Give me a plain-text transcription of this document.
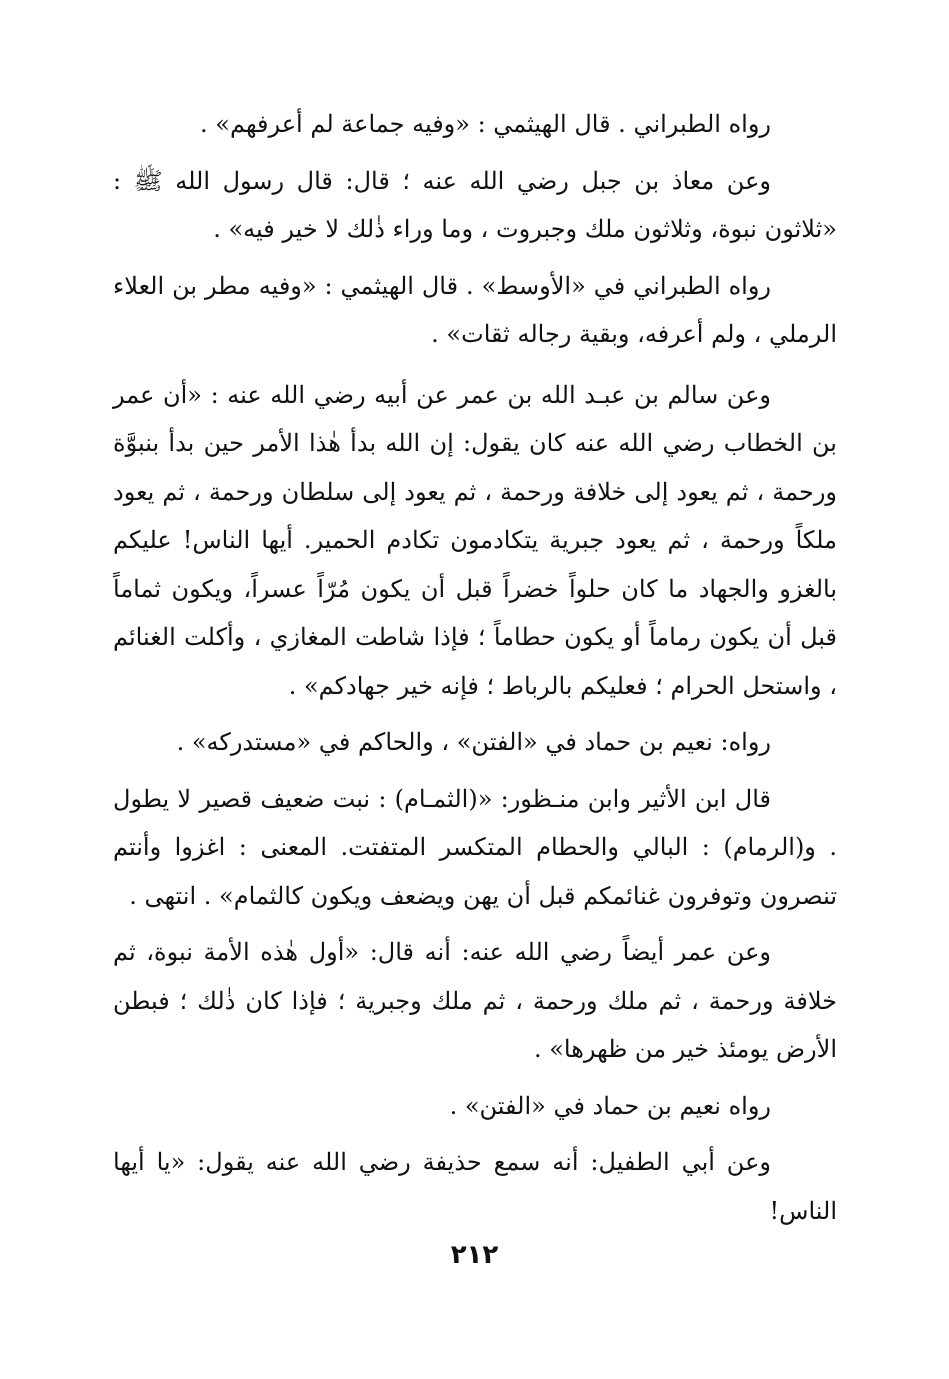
رواه الطبراني . قال الهيثمي : «وفيه جماعة لم أعرفهم» .

وعن معاذ بن جبل رضي الله عنه ؛ قال: قال رسول الله ﷺ : «ثلاثون نبوة، وثلاثون ملك وجبروت ، وما وراء ذٰلك لا خير فيه» .

رواه الطبراني في «الأوسط» . قال الهيثمي : «وفيه مطر بن العلاء الرملي ، ولم أعرفه، وبقية رجاله ثقات» .

وعن سالم بن عبـد الله بن عمر عن أبيه رضي الله عنه : «أن عمر بن الخطاب رضي الله عنه كان يقول: إن الله بدأ هٰذا الأمر حين بدأ بنبوَّة ورحمة ، ثم يعود إلى خلافة ورحمة ، ثم يعود إلى سلطان ورحمة ، ثم يعود ملكاً ورحمة ، ثم يعود جبرية يتكادمون تكادم الحمير. أيها الناس! عليكم بالغزو والجهاد ما كان حلواً خضراً قبل أن يكون مُرّاً عسراً، ويكون ثماماً قبل أن يكون رماماً أو يكون حطاماً ؛ فإذا شاطت المغازي ، وأكلت الغنائم ، واستحل الحرام ؛ فعليكم بالرباط ؛ فإنه خير جهادكم» .

رواه: نعيم بن حماد في «الفتن» ، والحاكم في «مستدركه» .

قال ابن الأثير وابن منـظور: «(الثمـام) : نبت ضعيف قصير لا يطول . و(الرمام) : البالي والحطام المتكسر المتفتت. المعنى : اغزوا وأنتم تنصرون وتوفرون غنائمكم قبل أن يهن ويضعف ويكون كالثمام» . انتهى .

وعن عمر أيضاً رضي الله عنه: أنه قال: «أول هٰذه الأمة نبوة، ثم خلافة ورحمة ، ثم ملك ورحمة ، ثم ملك وجبرية ؛ فإذا كان ذٰلك ؛ فبطن الأرض يومئذ خير من ظهرها» .

رواه نعيم بن حماد في «الفتن» .

وعن أبي الطفيل: أنه سمع حذيفة رضي الله عنه يقول: «يا أيها الناس!

٢١٢
